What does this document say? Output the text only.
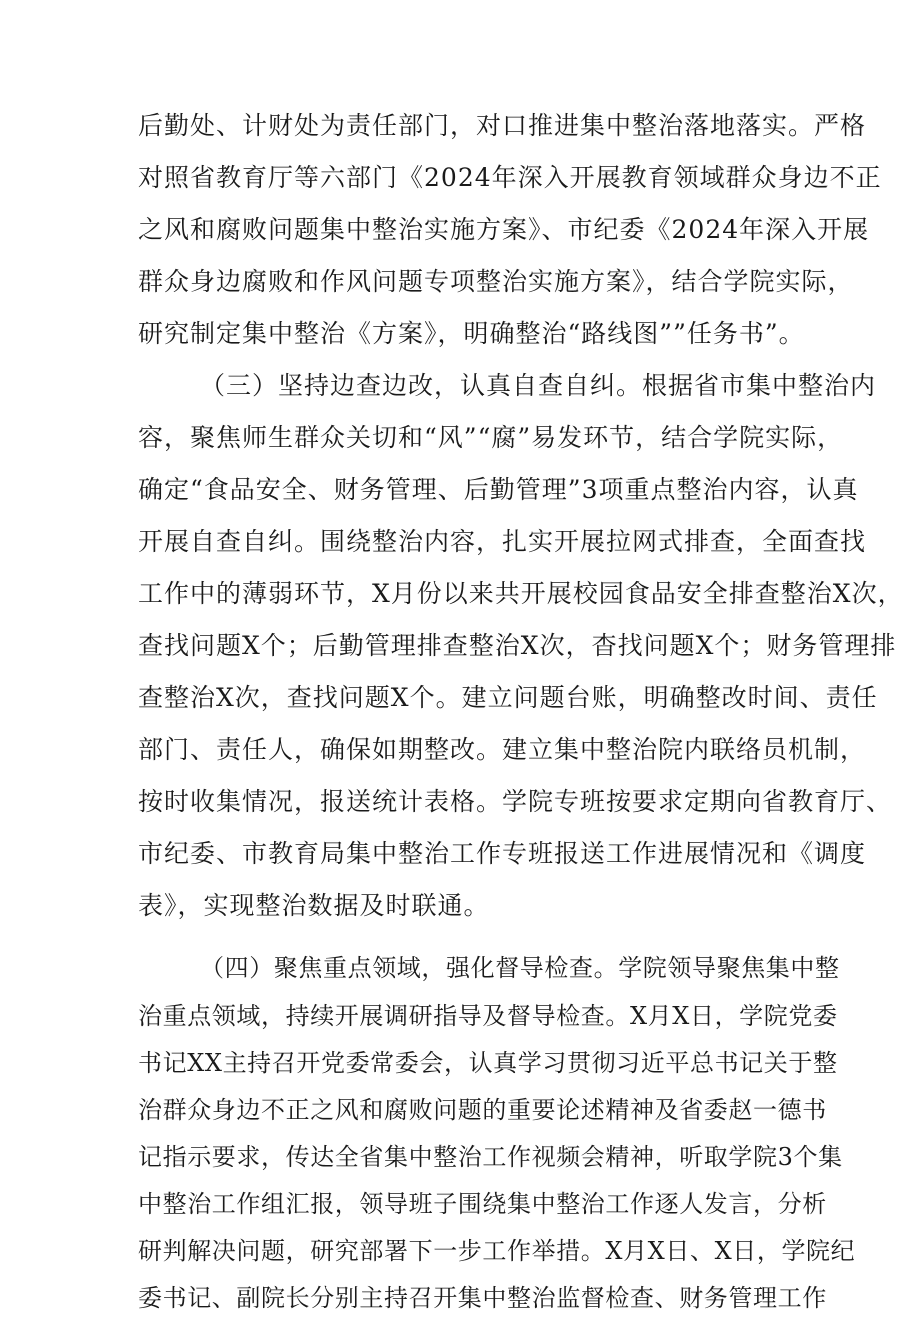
后勤处、计财处为责任部门，对口推进集中整治落地落实。严格
对照省教育厅等六部门《2024年深入开展教育领域群众身边不正
之风和腐败问题集中整治实施方案》、市纪委《2024年深入开展
群众身边腐败和作风问题专项整治实施方案》，结合学院实际，
研究制定集中整治《方案》，明确整治“路线图””任务书”。
（三）坚持边查边改，认真自查自纠。根据省市集中整治内
容，聚焦师生群众关切和“风”“腐”易发环节，结合学院实际，
确定“食品安全、财务管理、后勤管理”3项重点整治内容，认真
开展自查自纠。围绕整治内容，扎实开展拉网式排查，全面查找
工作中的薄弱环节，X月份以来共开展校园食品安全排查整治X次，
查找问题X个；后勤管理排查整治X次，杳找问题X个；财务管理排
查整治X次，查找问题X个。建立问题台账，明确整改时间、责任
部门、责任人，确保如期整改。建立集中整治院内联络员机制，
按时收集情况，报送统计表格。学院专班按要求定期向省教育厅、
市纪委、市教育局集中整治工作专班报送工作进展情况和《调度
表》，实现整治数据及时联通。
（四）聚焦重点领域，强化督导检查。学院领导聚焦集中整
治重点领域，持续开展调研指导及督导检查。X月X日，学院党委
书记XX主持召开党委常委会，认真学习贯彻习近平总书记关于整
治群众身边不正之风和腐败问题的重要论述精神及省委赵一德书
记指示要求，传达全省集中整治工作视频会精神，听取学院3个集
中整治工作组汇报，领导班子围绕集中整治工作逐人发言，分析
研判解决问题，研究部署下一步工作举措。X月X日、X日，学院纪
委书记、副院长分别主持召开集中整治监督检查、财务管理工作
